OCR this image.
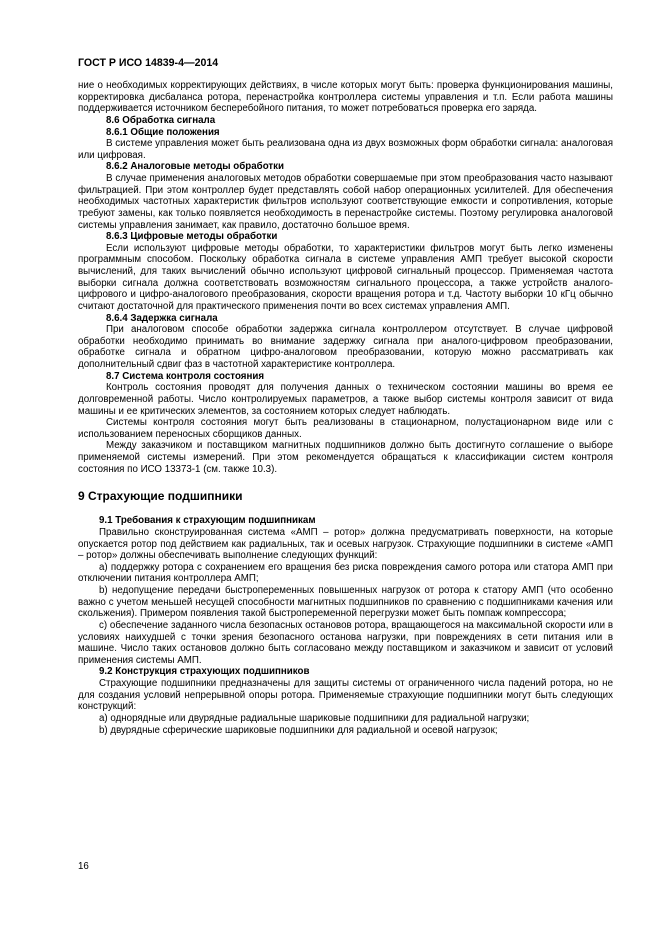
ГОСТ Р ИСО 14839-4—2014

ние о необходимых корректирующих действиях, в числе которых могут быть: проверка функционирования машины, корректировка дисбаланса ротора, перенастройка контроллера системы управления и т.п. Если работа машины поддерживается источником бесперебойного питания, то может потребоваться проверка его заряда.

8.6 Обработка сигнала

8.6.1 Общие положения

В системе управления может быть реализована одна из двух возможных форм обработки сигнала: аналоговая или цифровая.

8.6.2 Аналоговые методы обработки

В случае применения аналоговых методов обработки совершаемые при этом преобразования часто называют фильтрацией. При этом контроллер будет представлять собой набор операционных усилителей. Для обеспечения необходимых частотных характеристик фильтров используют соответствующие емкости и сопротивления, которые требуют замены, как только появляется необходимость в перенастройке системы. Поэтому регулировка аналоговой системы управления занимает, как правило, достаточно большое время.

8.6.3 Цифровые методы обработки

Если используют цифровые методы обработки, то характеристики фильтров могут быть легко изменены программным способом. Поскольку обработка сигнала в системе управления АМП требует высокой скорости вычислений, для таких вычислений обычно используют цифровой сигнальный процессор. Применяемая частота выборки сигнала должна соответствовать возможностям сигнального процессора, а также устройств аналого-цифрового и цифро-аналогового преобразования, скорости вращения ротора и т.д. Частоту выборки 10 кГц обычно считают достаточной для практического применения почти во всех системах управления АМП.

8.6.4 Задержка сигнала

При аналоговом способе обработки задержка сигнала контроллером отсутствует. В случае цифровой обработки необходимо принимать во внимание задержку сигнала при аналого-цифровом преобразовании, обработке сигнала и обратном цифро-аналоговом преобразовании, которую можно рассматривать как дополнительный сдвиг фаз в частотной характеристике контроллера.

8.7 Система контроля состояния

Контроль состояния проводят для получения данных о техническом состоянии машины во время ее долговременной работы. Число контролируемых параметров, а также выбор системы контроля зависит от вида машины и ее критических элементов, за состоянием которых следует наблюдать.

Системы контроля состояния могут быть реализованы в стационарном, полустационарном виде или с использованием переносных сборщиков данных.

Между заказчиком и поставщиком магнитных подшипников должно быть достигнуто соглашение о выборе применяемой системы измерений. При этом рекомендуется обращаться к классификации систем контроля состояния по ИСО 13373-1 (см. также 10.3).

9 Страхующие подшипники

9.1 Требования к страхующим подшипникам

Правильно сконструированная система «АМП – ротор» должна предусматривать поверхности, на которые опускается ротор под действием как радиальных, так и осевых нагрузок. Страхующие подшипники в системе «АМП – ротор» должны обеспечивать выполнение следующих функций:

a) поддержку ротора с сохранением его вращения без риска повреждения самого ротора или статора АМП при отключении питания контроллера АМП;

b) недопущение передачи быстропеременных повышенных нагрузок от ротора к статору АМП (что особенно важно с учетом меньшей несущей способности магнитных подшипников по сравнению с подшипниками качения или скольжения). Примером появления такой быстропеременной перегрузки может быть помпаж компрессора;

c) обеспечение заданного числа безопасных остановов ротора, вращающегося на максимальной скорости или в условиях наихудшей с точки зрения безопасного останова нагрузки, при повреждениях в сети питания или в машине. Число таких остановов должно быть согласовано между поставщиком и заказчиком и зависит от условий применения системы АМП.

9.2 Конструкция страхующих подшипников

Страхующие подшипники предназначены для защиты системы от ограниченного числа падений ротора, но не для создания условий непрерывной опоры ротора. Применяемые страхующие подшипники могут быть следующих конструкций:

a) однорядные или двурядные радиальные шариковые подшипники для радиальной нагрузки;

b) двурядные сферические шариковые подшипники для радиальной и осевой нагрузок;

16
